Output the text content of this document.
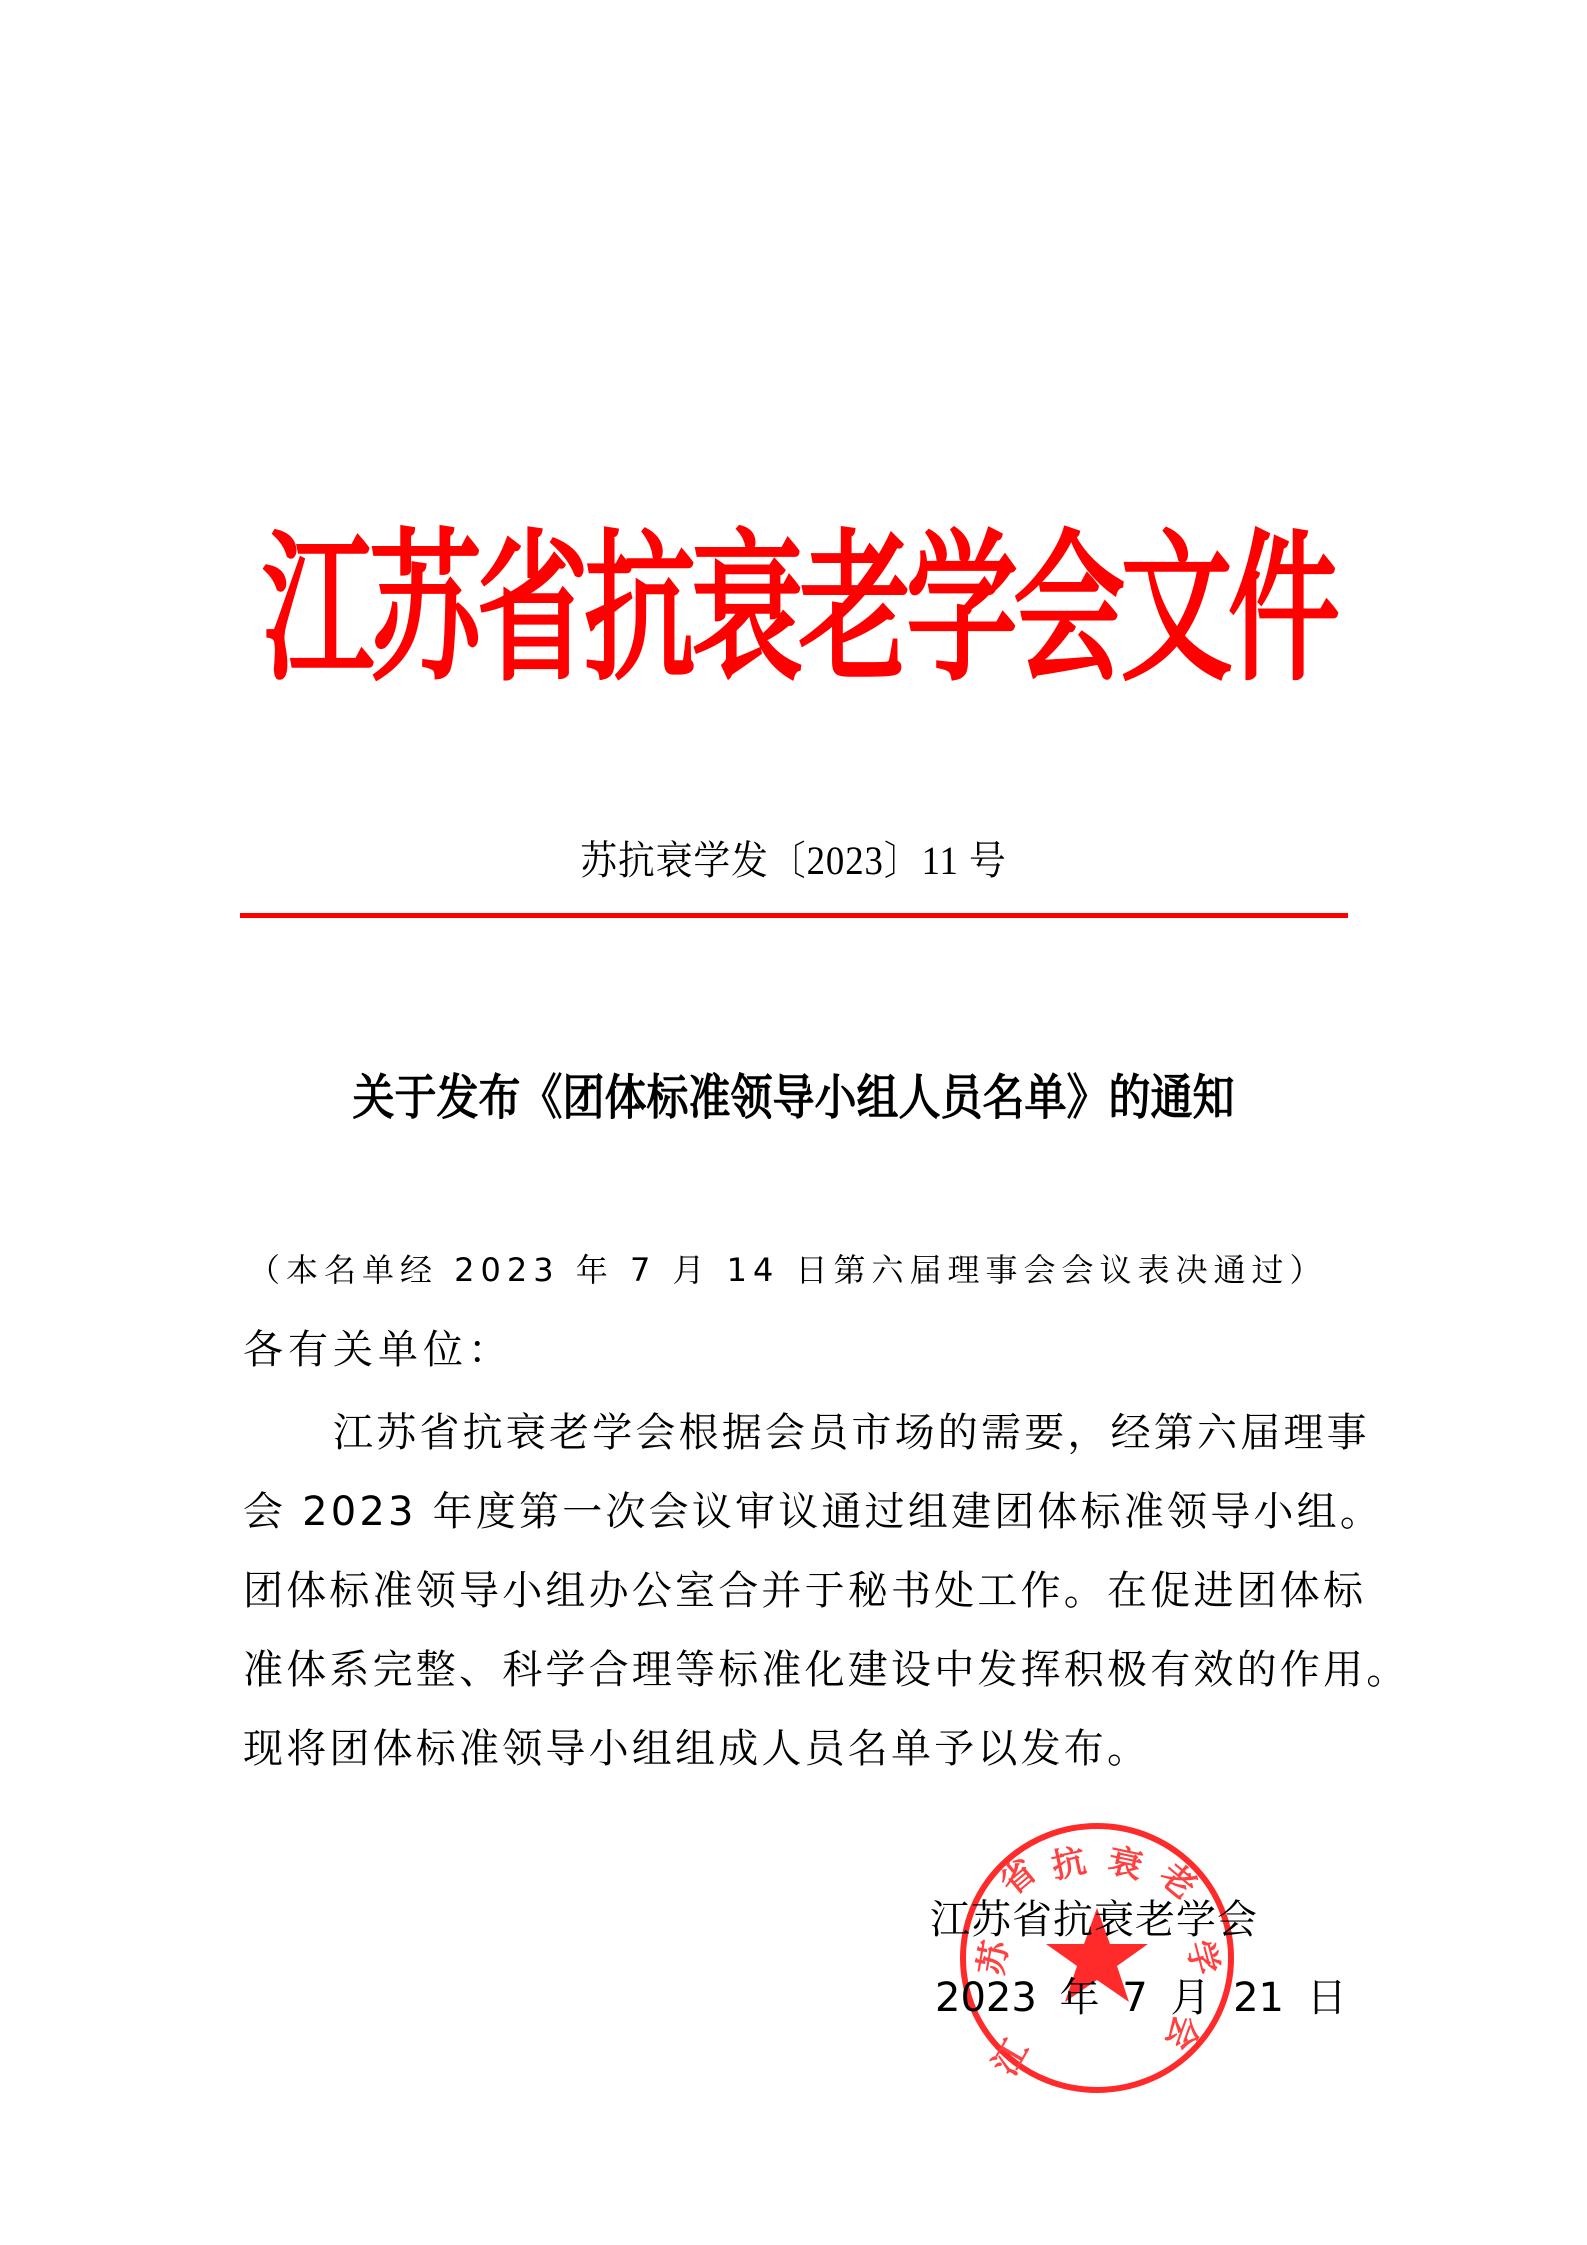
江
苏
省
抗
衰
老
学
会
文
件
苏抗衰学发〔2023〕11 号
关于发布《团体标准领导小组人员名单》的通知
（本名单经 2023 年 7 月 14 日第六届理事会会议表决通过）
各有关单位：
江苏省抗衰老学会根据会员市场的需要，经第六届理事
会 2023 年度第一次会议审议通过组建团体标准领导小组。
团体标准领导小组办公室合并于秘书处工作。在促进团体标
准体系完整、科学合理等标准化建设中发挥积极有效的作用。
现将团体标准领导小组组成人员名单予以发布。
江
苏
省 抗 衰 老
学
会
江苏省抗衰老学会
2023 年 7 月 21 日
